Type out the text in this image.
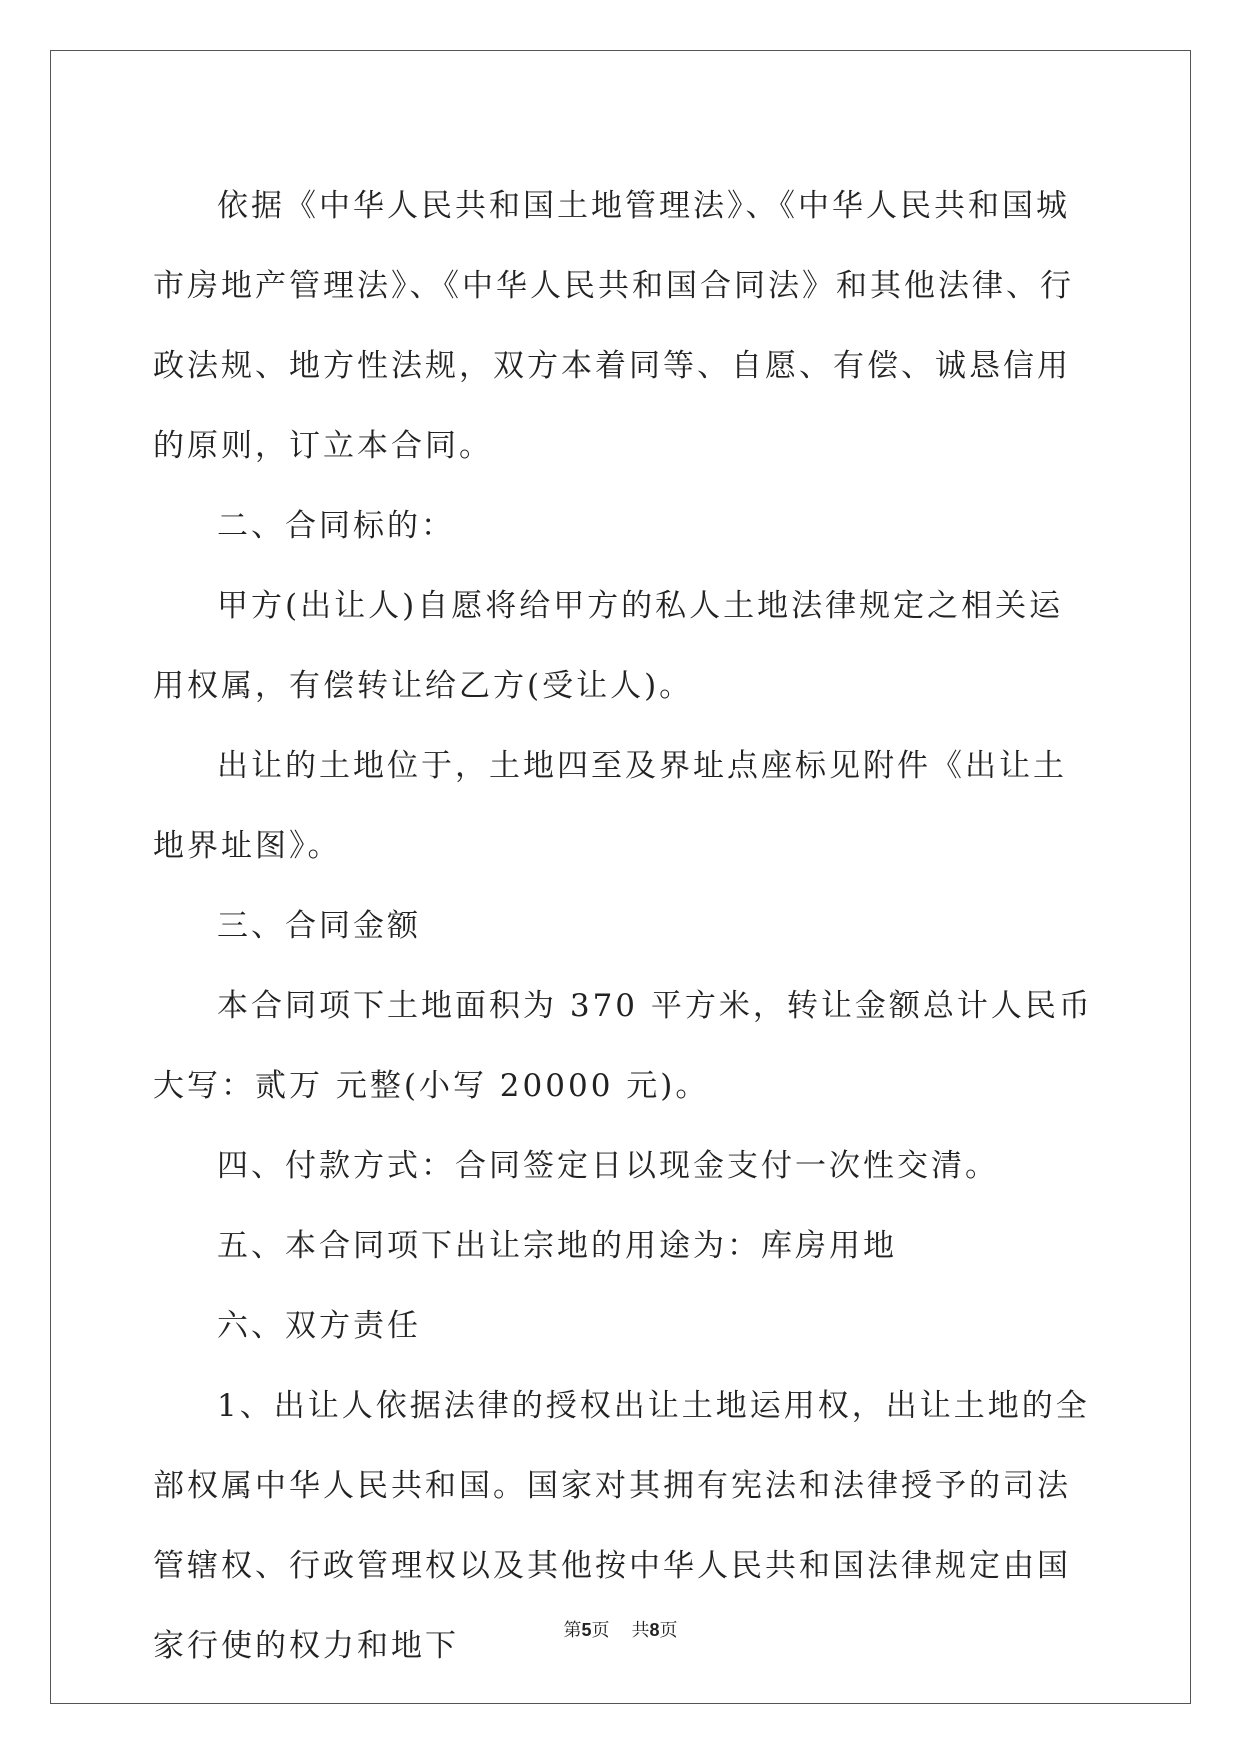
依据《中华人民共和国土地管理法》、《中华人民共和国城市房地产管理法》、《中华人民共和国合同法》和其他法律、行政法规、地方性法规，双方本着同等、自愿、有偿、诚恳信用的原则，订立本合同。

二、合同标的：

甲方(出让人)自愿将给甲方的私人土地法律规定之相关运用权属，有偿转让给乙方(受让人)。

出让的土地位于，土地四至及界址点座标见附件《出让土地界址图》。

三、合同金额

本合同项下土地面积为 370 平方米，转让金额总计人民币大写：贰万 元整(小写 20000 元)。

四、付款方式：合同签定日以现金支付一次性交清。

五、本合同项下出让宗地的用途为：库房用地

六、双方责任

1、出让人依据法律的授权出让土地运用权，出让土地的全部权属中华人民共和国。国家对其拥有宪法和法律授予的司法管辖权、行政管理权以及其他按中华人民共和国法律规定由国家行使的权力和地下	第5页 共8页
